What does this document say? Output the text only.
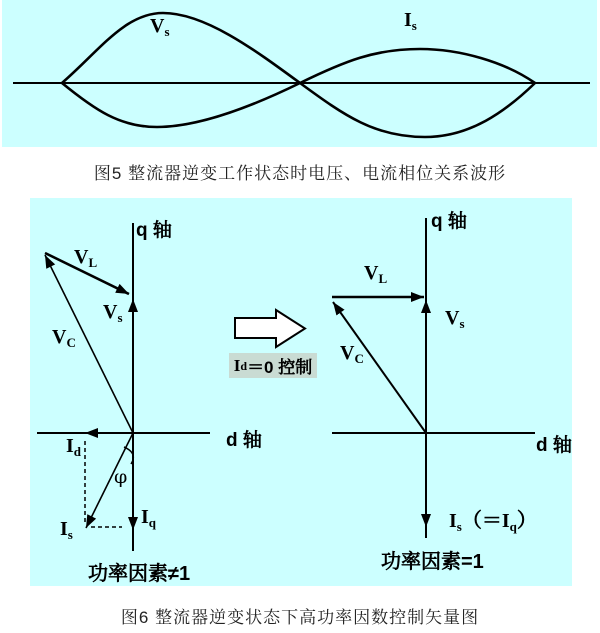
$V_s$
$I_s$
图5 整流器逆变工作状态时电压、电流相位关系波形
q 轴
d 轴
$V_L$
$V_s$
$V_C$
$I_d$
$I_q$
$I_s$
φ
功率因素≠1
I d ＝0 控制
q 轴
d 轴
$V_L$
$V_s$
$V_C$
$I_s(=I_q)$
功率因素=1
图6 整流器逆变状态下高功率因数控制矢量图
